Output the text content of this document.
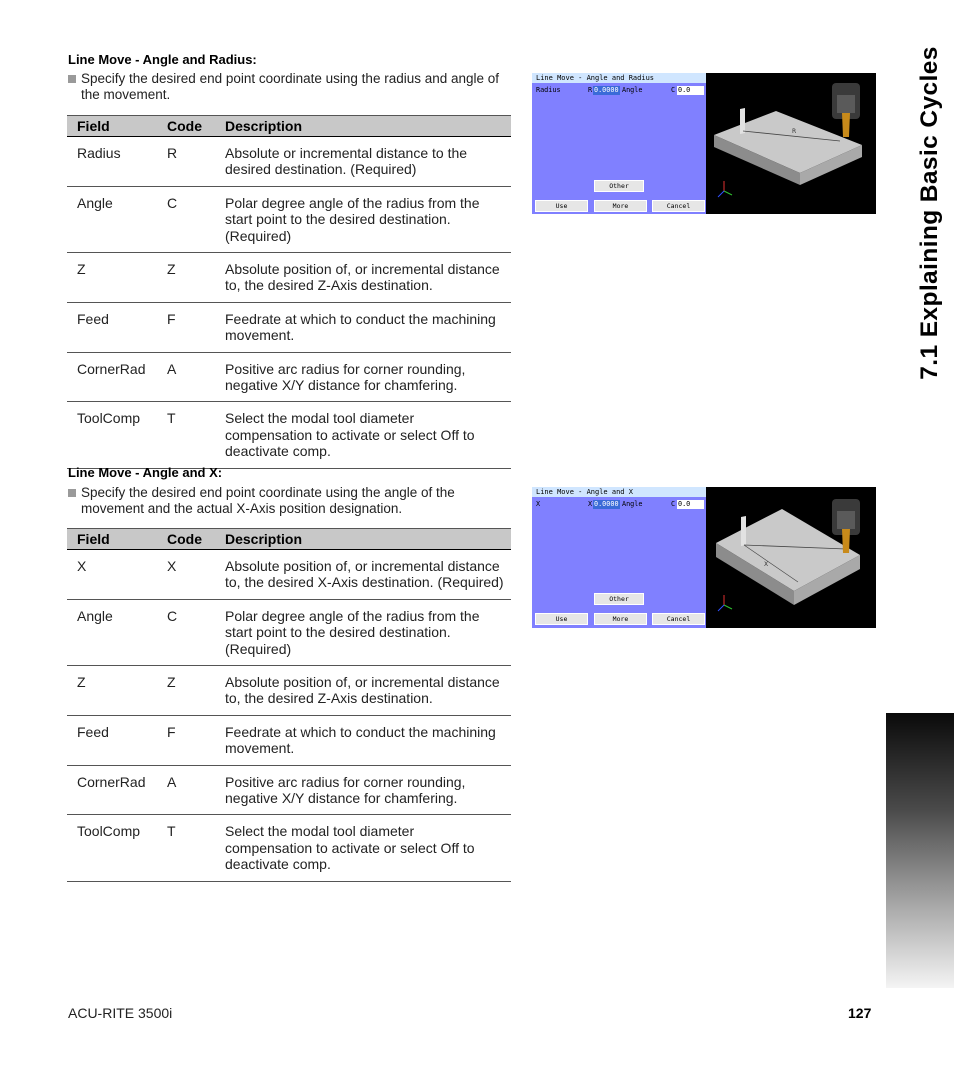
Line Move - Angle and Radius:
Specify the desired end point coordinate using the radius and angle of the movement.
Field	Code	Description
Radius	R	Absolute or incremental distance to the desired destination. (Required)
Angle	C	Polar degree angle of the radius from the start point to the desired destination. (Required)
Z	Z	Absolute position of, or incremental distance to, the desired Z-Axis destination.
Feed	F	Feedrate at which to conduct the machining movement.
CornerRad	A	Positive arc radius for corner rounding, negative X/Y distance for chamfering.
ToolComp	T	Select the modal tool diameter compensation to activate or select Off to deactivate comp.
Line Move - Angle and Radius
Radius	R 0.0000 Angle	C 0.0
Other
Use	More	Cancel
R
Line Move - Angle and X:
Specify the desired end point coordinate using the angle of the movement and the actual X-Axis position designation.
Field	Code	Description
X	X	Absolute position of, or incremental distance to, the desired X-Axis destination. (Required)
Angle	C	Polar degree angle of the radius from the start point to the desired destination. (Required)
Z	Z	Absolute position of, or incremental distance to, the desired Z-Axis destination.
Feed	F	Feedrate at which to conduct the machining movement.
CornerRad	A	Positive arc radius for corner rounding, negative X/Y distance for chamfering.
ToolComp	T	Select the modal tool diameter compensation to activate or select Off to deactivate comp.
Line Move - Angle and X
X	X 0.0000 Angle	C 0.0
Other
Use	More	Cancel
X
7.1 Explaining Basic Cycles
ACU-RITE 3500i	127
